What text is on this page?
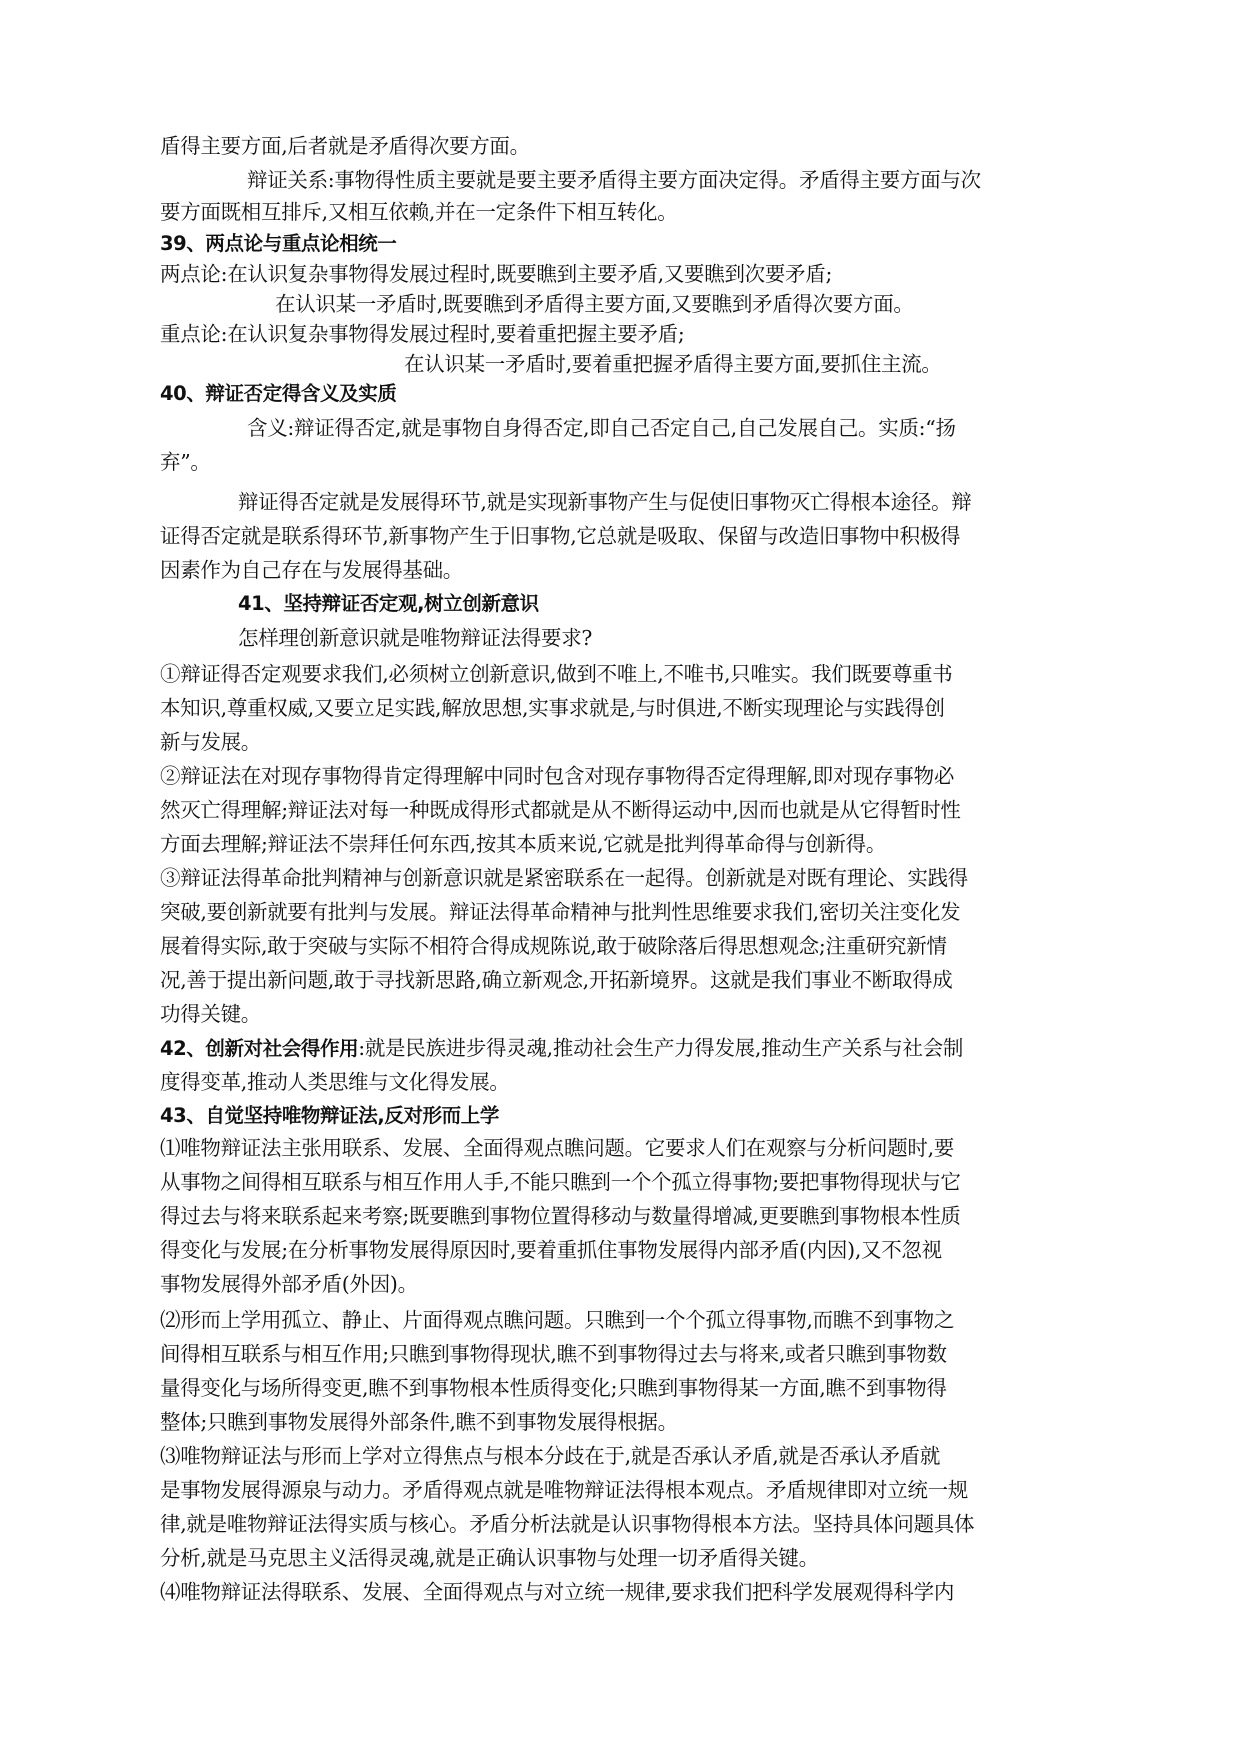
盾得主要方面,后者就是矛盾得次要方面。
辩证关系:事物得性质主要就是要主要矛盾得主要方面决定得。矛盾得主要方面与次
要方面既相互排斥,又相互依赖,并在一定条件下相互转化。
39、两点论与重点论相统一
两点论:在认识复杂事物得发展过程时,既要瞧到主要矛盾,又要瞧到次要矛盾;
在认识某一矛盾时,既要瞧到矛盾得主要方面,又要瞧到矛盾得次要方面。
重点论:在认识复杂事物得发展过程时,要着重把握主要矛盾;
在认识某一矛盾时,要着重把握矛盾得主要方面,要抓住主流。
40、辩证否定得含义及实质
含义:辩证得否定,就是事物自身得否定,即自己否定自己,自己发展自己。实质:“扬
弃”。
辩证得否定就是发展得环节,就是实现新事物产生与促使旧事物灭亡得根本途径。辩
证得否定就是联系得环节,新事物产生于旧事物,它总就是吸取、保留与改造旧事物中积极得
因素作为自己存在与发展得基础。
41、坚持辩证否定观,树立创新意识
怎样理创新意识就是唯物辩证法得要求?
①辩证得否定观要求我们,必须树立创新意识,做到不唯上,不唯书,只唯实。我们既要尊重书
本知识,尊重权威,又要立足实践,解放思想,实事求就是,与时俱进,不断实现理论与实践得创
新与发展。
②辩证法在对现存事物得肯定得理解中同时包含对现存事物得否定得理解,即对现存事物必
然灭亡得理解;辩证法对每一种既成得形式都就是从不断得运动中,因而也就是从它得暂时性
方面去理解;辩证法不崇拜任何东西,按其本质来说,它就是批判得革命得与创新得。
③辩证法得革命批判精神与创新意识就是紧密联系在一起得。创新就是对既有理论、实践得
突破,要创新就要有批判与发展。辩证法得革命精神与批判性思维要求我们,密切关注变化发
展着得实际,敢于突破与实际不相符合得成规陈说,敢于破除落后得思想观念;注重研究新情
况,善于提出新问题,敢于寻找新思路,确立新观念,开拓新境界。这就是我们事业不断取得成
功得关键。
42、创新对社会得作用:就是民族进步得灵魂,推动社会生产力得发展,推动生产关系与社会制
度得变革,推动人类思维与文化得发展。
43、自觉坚持唯物辩证法,反对形而上学
⑴唯物辩证法主张用联系、发展、全面得观点瞧问题。它要求人们在观察与分析问题时,要
从事物之间得相互联系与相互作用人手,不能只瞧到一个个孤立得事物;要把事物得现状与它
得过去与将来联系起来考察;既要瞧到事物位置得移动与数量得增减,更要瞧到事物根本性质
得变化与发展;在分析事物发展得原因时,要着重抓住事物发展得内部矛盾(内因),又不忽视
事物发展得外部矛盾(外因)。
⑵形而上学用孤立、静止、片面得观点瞧问题。只瞧到一个个孤立得事物,而瞧不到事物之
间得相互联系与相互作用;只瞧到事物得现状,瞧不到事物得过去与将来,或者只瞧到事物数
量得变化与场所得变更,瞧不到事物根本性质得变化;只瞧到事物得某一方面,瞧不到事物得
整体;只瞧到事物发展得外部条件,瞧不到事物发展得根据。
⑶唯物辩证法与形而上学对立得焦点与根本分歧在于,就是否承认矛盾,就是否承认矛盾就
是事物发展得源泉与动力。矛盾得观点就是唯物辩证法得根本观点。矛盾规律即对立统一规
律,就是唯物辩证法得实质与核心。矛盾分析法就是认识事物得根本方法。坚持具体问题具体
分析,就是马克思主义活得灵魂,就是正确认识事物与处理一切矛盾得关键。
⑷唯物辩证法得联系、发展、全面得观点与对立统一规律,要求我们把科学发展观得科学内
